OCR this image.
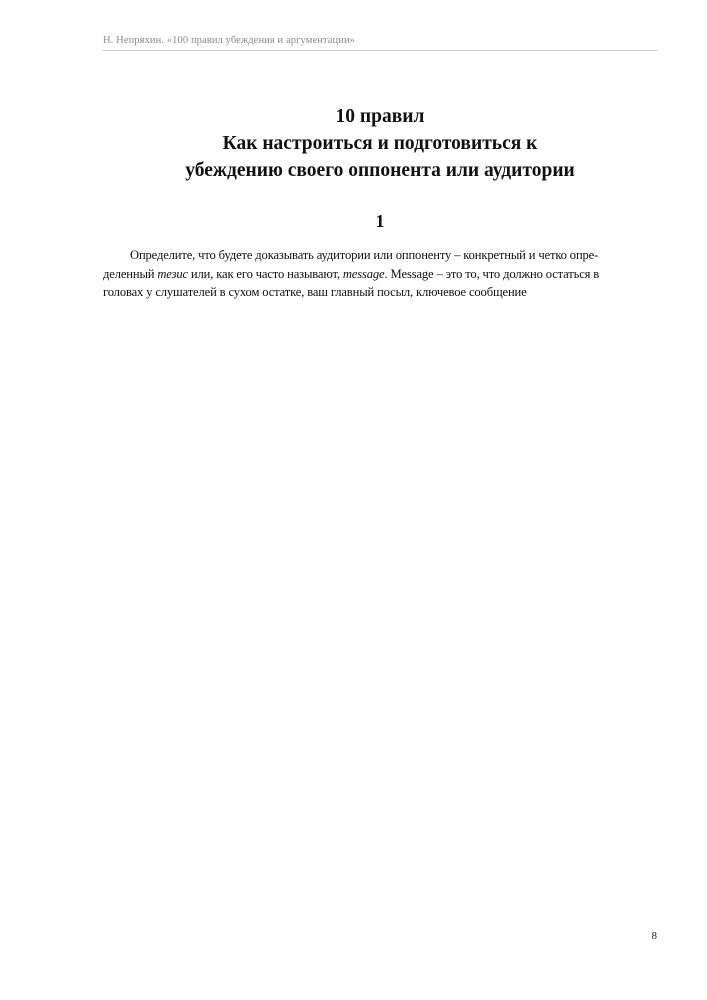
Н. Непряхин. «100 правил убеждения и аргументации»
10 правил
Как настроиться и подготовиться к
убеждению своего оппонента или аудитории
1
Определите, что будете доказывать аудитории или оппоненту – конкретный и четко опре-
деленный тезис или, как его часто называют, message. Message – это то, что должно остаться в
головах у слушателей в сухом остатке, ваш главный посыл, ключевое сообщение
8
